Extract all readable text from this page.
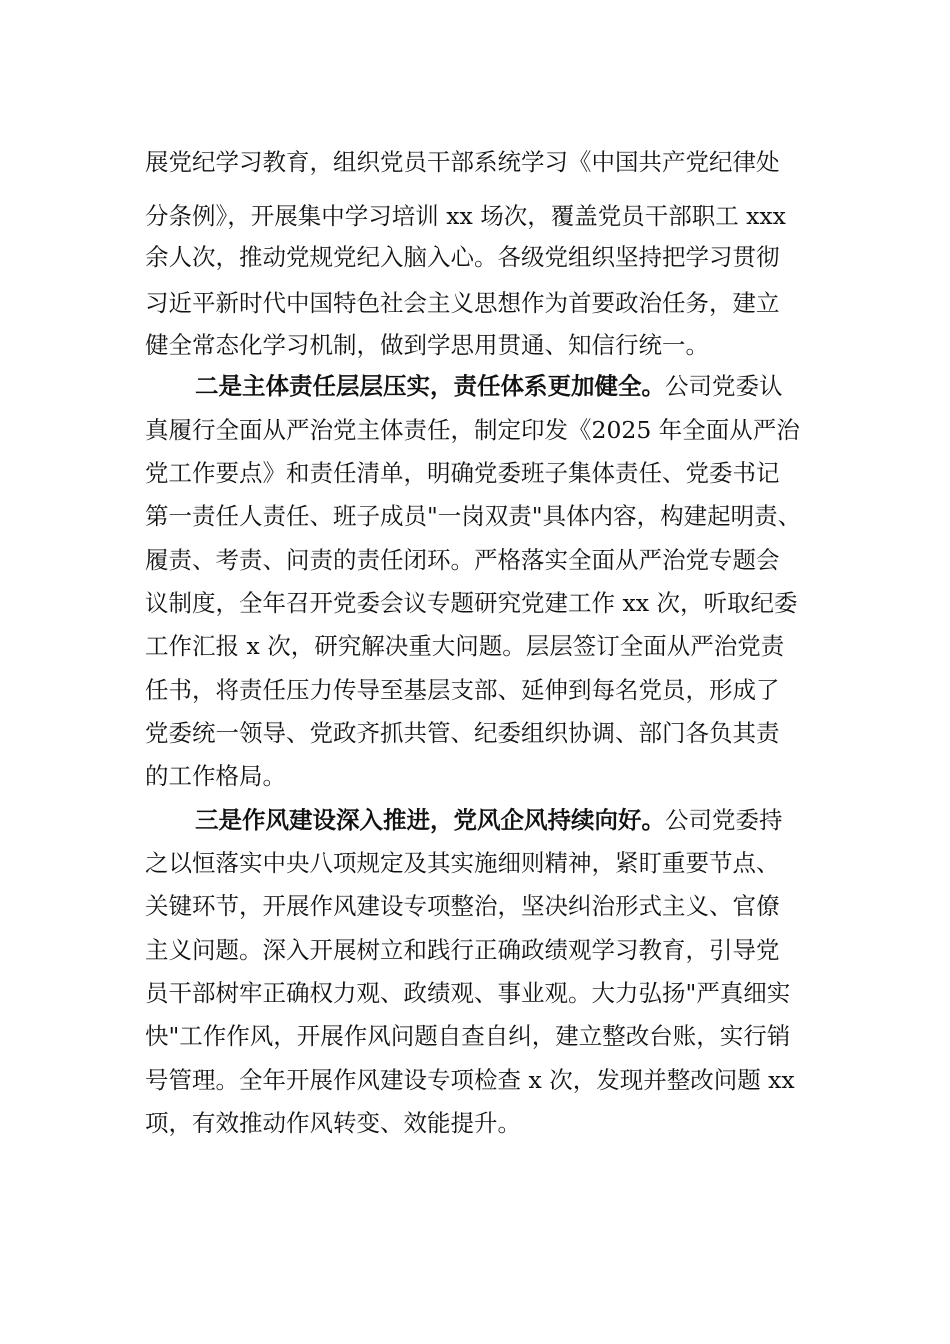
展党纪学习教育，组织党员干部系统学习《中国共产党纪律处
分条例》，开展集中学习培训 xx 场次，覆盖党员干部职工 xxx
余人次，推动党规党纪入脑入心。各级党组织坚持把学习贯彻
习近平新时代中国特色社会主义思想作为首要政治任务，建立
健全常态化学习机制，做到学思用贯通、知信行统一。
二是主体责任层层压实，责任体系更加健全。公司党委认
真履行全面从严治党主体责任，制定印发《2025 年全面从严治
党工作要点》和责任清单，明确党委班子集体责任、党委书记
第一责任人责任、班子成员"一岗双责"具体内容，构建起明责、
履责、考责、问责的责任闭环。严格落实全面从严治党专题会
议制度，全年召开党委会议专题研究党建工作 xx 次，听取纪委
工作汇报 x 次，研究解决重大问题。层层签订全面从严治党责
任书，将责任压力传导至基层支部、延伸到每名党员，形成了
党委统一领导、党政齐抓共管、纪委组织协调、部门各负其责
的工作格局。
三是作风建设深入推进，党风企风持续向好。公司党委持
之以恒落实中央八项规定及其实施细则精神，紧盯重要节点、
关键环节，开展作风建设专项整治，坚决纠治形式主义、官僚
主义问题。深入开展树立和践行正确政绩观学习教育，引导党
员干部树牢正确权力观、政绩观、事业观。大力弘扬"严真细实
快"工作作风，开展作风问题自查自纠，建立整改台账，实行销
号管理。全年开展作风建设专项检查 x 次，发现并整改问题 xx
项，有效推动作风转变、效能提升。
